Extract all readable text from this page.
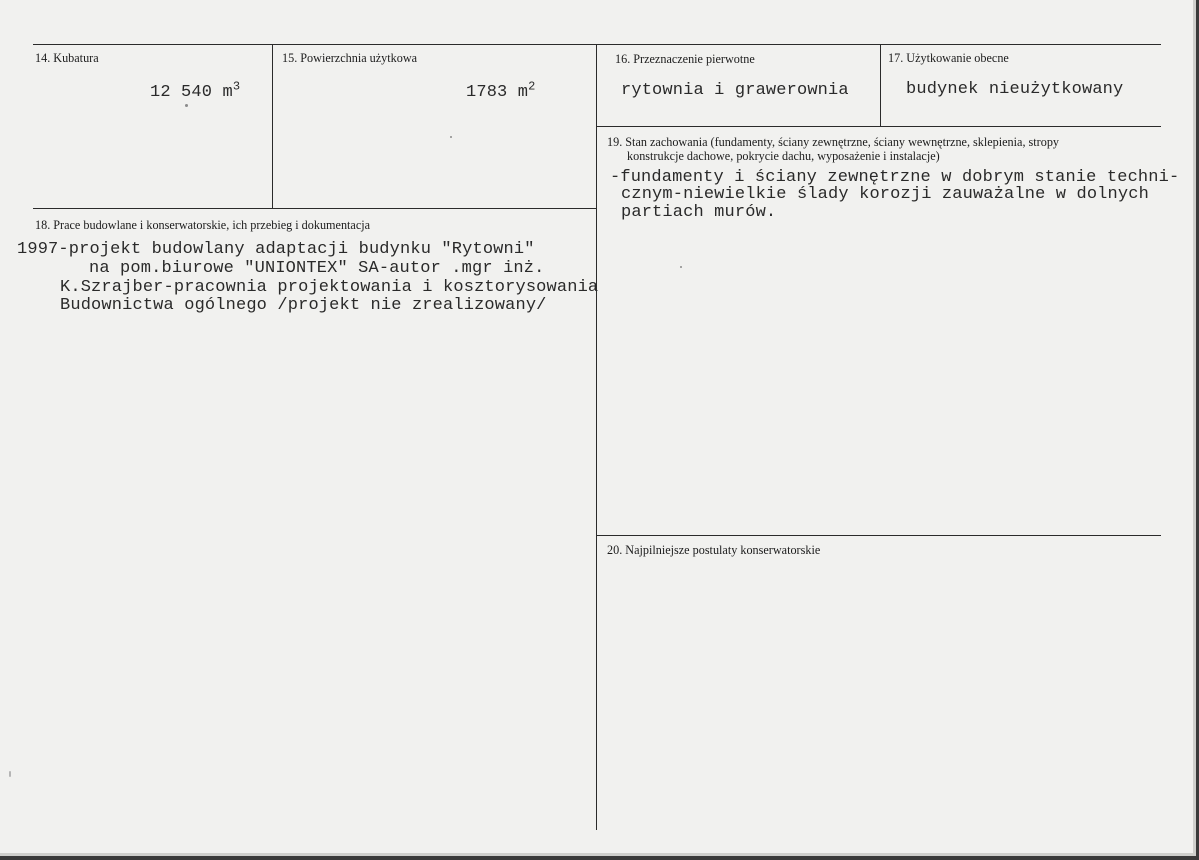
14. Kubatura
12 540 $m^3$
15. Powierzchnia użytkowa
1783 $m^2$
16. Przeznaczenie pierwotne
rytownia i grawerownia
17. Użytkowanie obecne
budynek nieużytkowany
19. Stan zachowania (fundamenty, ściany zewnętrzne, ściany wewnętrzne, sklepienia, stropy
konstrukcje dachowe, pokrycie dachu, wyposażenie i instalacje)
-fundamenty i ściany zewnętrzne w dobrym stanie techni-
cznym-niewielkie ślady korozji zauważalne w dolnych
partiach murów.
18. Prace budowlane i konserwatorskie, ich przebieg i dokumentacja
1997-projekt budowlany adaptacji budynku "Rytowni"
na pom.biurowe "UNIONTEX" SA-autor .mgr inż.
K.Szrajber-pracownia projektowania i kosztorysowania
Budownictwa ogólnego /projekt nie zrealizowany/
20. Najpilniejsze postulaty konserwatorskie
